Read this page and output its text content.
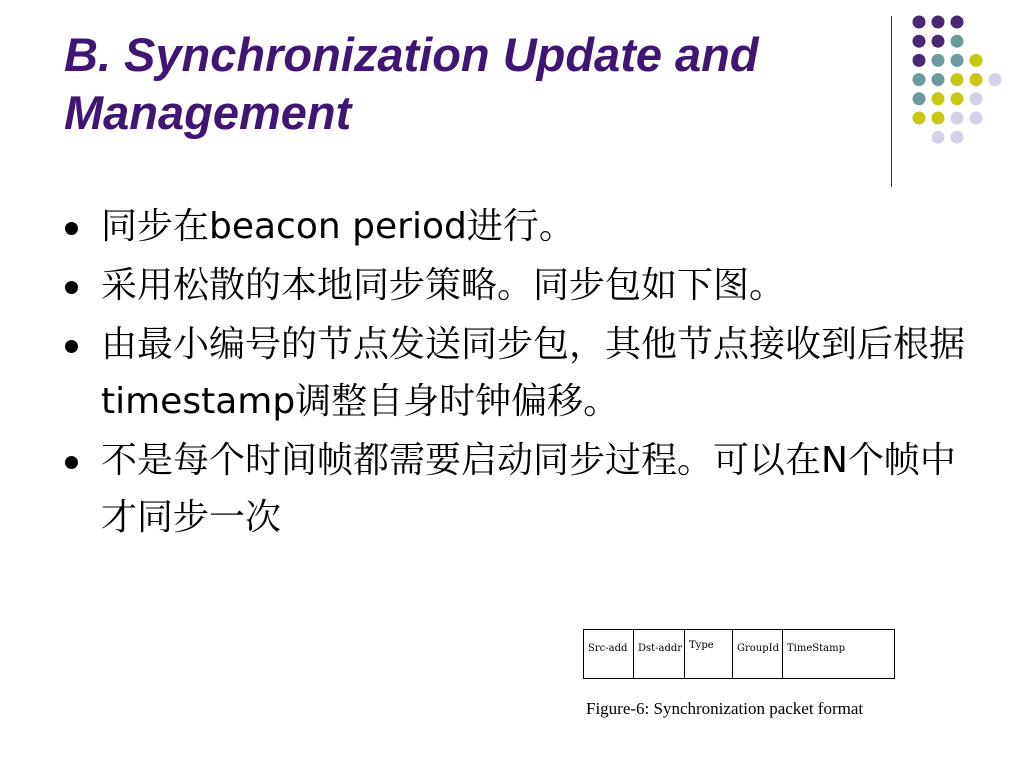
B. Synchronization Update and
Management
同步在beacon period进行。
采用松散的本地同步策略。同步包如下图。
由最小编号的节点发送同步包，其他节点接收到后根据timestamp调整自身时钟偏移。
不是每个时间帧都需要启动同步过程。可以在N个帧中才同步一次
Src-add	Dst-addr Type	GroupId TimeStamp
Figure-6: Synchronization packet format
